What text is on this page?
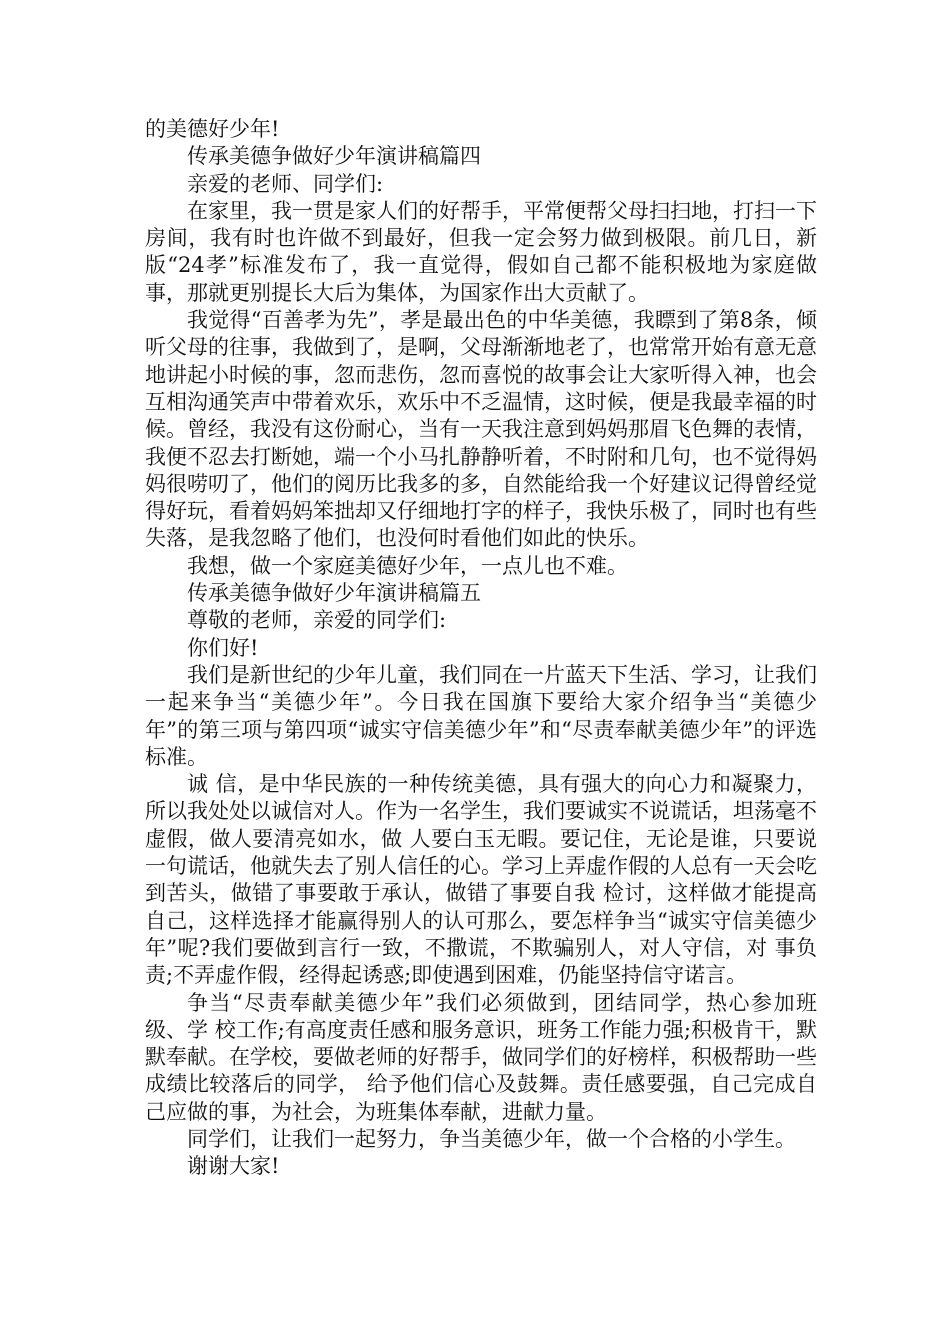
的美德好少年!

传承美德争做好少年演讲稿篇四

亲爱的老师、同学们:

在家里，我一贯是家人们的好帮手，平常便帮父母扫扫地，打扫一下房间，我有时也许做不到最好，但我一定会努力做到极限。前几日，新版“24孝”标准发布了，我一直觉得，假如自己都不能积极地为家庭做事，那就更别提长大后为集体，为国家作出大贡献了。

我觉得“百善孝为先”，孝是最出色的中华美德，我瞟到了第8条，倾听父母的往事，我做到了，是啊，父母渐渐地老了，也常常开始有意无意地讲起小时候的事，忽而悲伤，忽而喜悦的故事会让大家听得入神，也会互相沟通笑声中带着欢乐，欢乐中不乏温情，这时候，便是我最幸福的时候。曾经，我没有这份耐心，当有一天我注意到妈妈那眉飞色舞的表情，我便不忍去打断她，端一个小马扎静静听着，不时附和几句，也不觉得妈妈很唠叨了，他们的阅历比我多的多，自然能给我一个好建议记得曾经觉得好玩，看着妈妈笨拙却又仔细地打字的样子，我快乐极了，同时也有些失落，是我忽略了他们，也没何时看他们如此的快乐。

我想，做一个家庭美德好少年，一点儿也不难。

传承美德争做好少年演讲稿篇五

尊敬的老师，亲爱的同学们:

你们好!

我们是新世纪的少年儿童，我们同在一片蓝天下生活、学习，让我们一起来争当“美德少年”。今日我在国旗下要给大家介绍争当“美德少年”的第三项与第四项“诚实守信美德少年”和“尽责奉献美德少年”的评选标准。

诚 信，是中华民族的一种传统美德，具有强大的向心力和凝聚力，所以我处处以诚信对人。作为一名学生，我们要诚实不说谎话，坦荡毫不虚假，做人要清亮如水，做 人要白玉无暇。要记住，无论是谁，只要说一句谎话，他就失去了别人信任的心。学习上弄虚作假的人总有一天会吃到苦头，做错了事要敢于承认，做错了事要自我 检讨，这样做才能提高自己，这样选择才能赢得别人的认可那么，要怎样争当“诚实守信美德少年”呢?我们要做到言行一致，不撒谎，不欺骗别人，对人守信，对 事负责;不弄虚作假，经得起诱惑;即使遇到困难，仍能坚持信守诺言。

争当“尽责奉献美德少年”我们必须做到，团结同学，热心参加班级、学 校工作;有高度责任感和服务意识，班务工作能力强;积极肯干，默默奉献。在学校，要做老师的好帮手，做同学们的好榜样，积极帮助一些成绩比较落后的同学， 给予他们信心及鼓舞。责任感要强，自己完成自己应做的事，为社会，为班集体奉献，进献力量。

同学们，让我们一起努力，争当美德少年，做一个合格的小学生。

谢谢大家!
